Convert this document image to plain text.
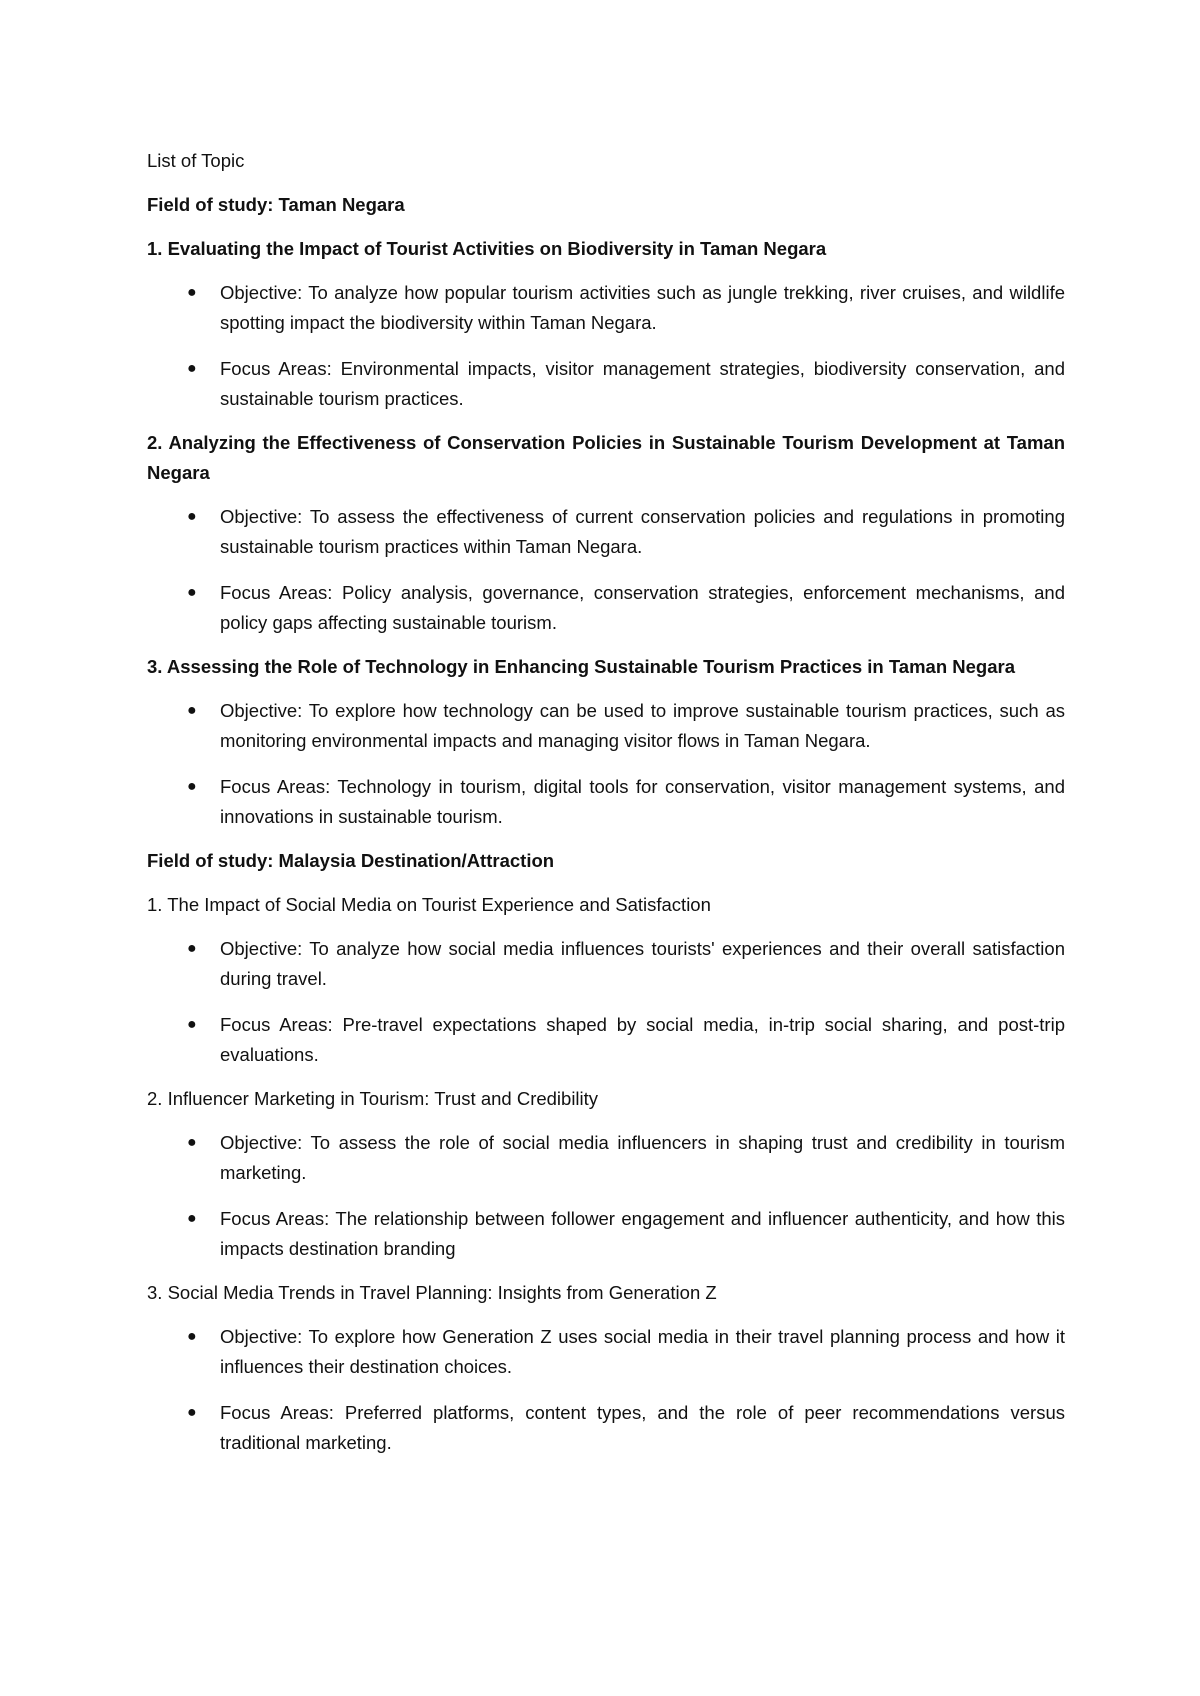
List of Topic

Field of study: Taman Negara

1. Evaluating the Impact of Tourist Activities on Biodiversity in Taman Negara

● Objective: To analyze how popular tourism activities such as jungle trekking, river cruises, and wildlife spotting impact the biodiversity within Taman Negara.
● Focus Areas: Environmental impacts, visitor management strategies, biodiversity conservation, and sustainable tourism practices.

2. Analyzing the Effectiveness of Conservation Policies in Sustainable Tourism Development at Taman Negara

● Objective: To assess the effectiveness of current conservation policies and regulations in promoting sustainable tourism practices within Taman Negara.
● Focus Areas: Policy analysis, governance, conservation strategies, enforcement mechanisms, and policy gaps affecting sustainable tourism.

3. Assessing the Role of Technology in Enhancing Sustainable Tourism Practices in Taman Negara

● Objective: To explore how technology can be used to improve sustainable tourism practices, such as monitoring environmental impacts and managing visitor flows in Taman Negara.
● Focus Areas: Technology in tourism, digital tools for conservation, visitor management systems, and innovations in sustainable tourism.

Field of study: Malaysia Destination/Attraction

1. The Impact of Social Media on Tourist Experience and Satisfaction

● Objective: To analyze how social media influences tourists' experiences and their overall satisfaction during travel.
● Focus Areas: Pre-travel expectations shaped by social media, in-trip social sharing, and post-trip evaluations.

2. Influencer Marketing in Tourism: Trust and Credibility

● Objective: To assess the role of social media influencers in shaping trust and credibility in tourism marketing.
● Focus Areas: The relationship between follower engagement and influencer authenticity, and how this impacts destination branding

3. Social Media Trends in Travel Planning: Insights from Generation Z

● Objective: To explore how Generation Z uses social media in their travel planning process and how it influences their destination choices.
● Focus Areas: Preferred platforms, content types, and the role of peer recommendations versus traditional marketing.
